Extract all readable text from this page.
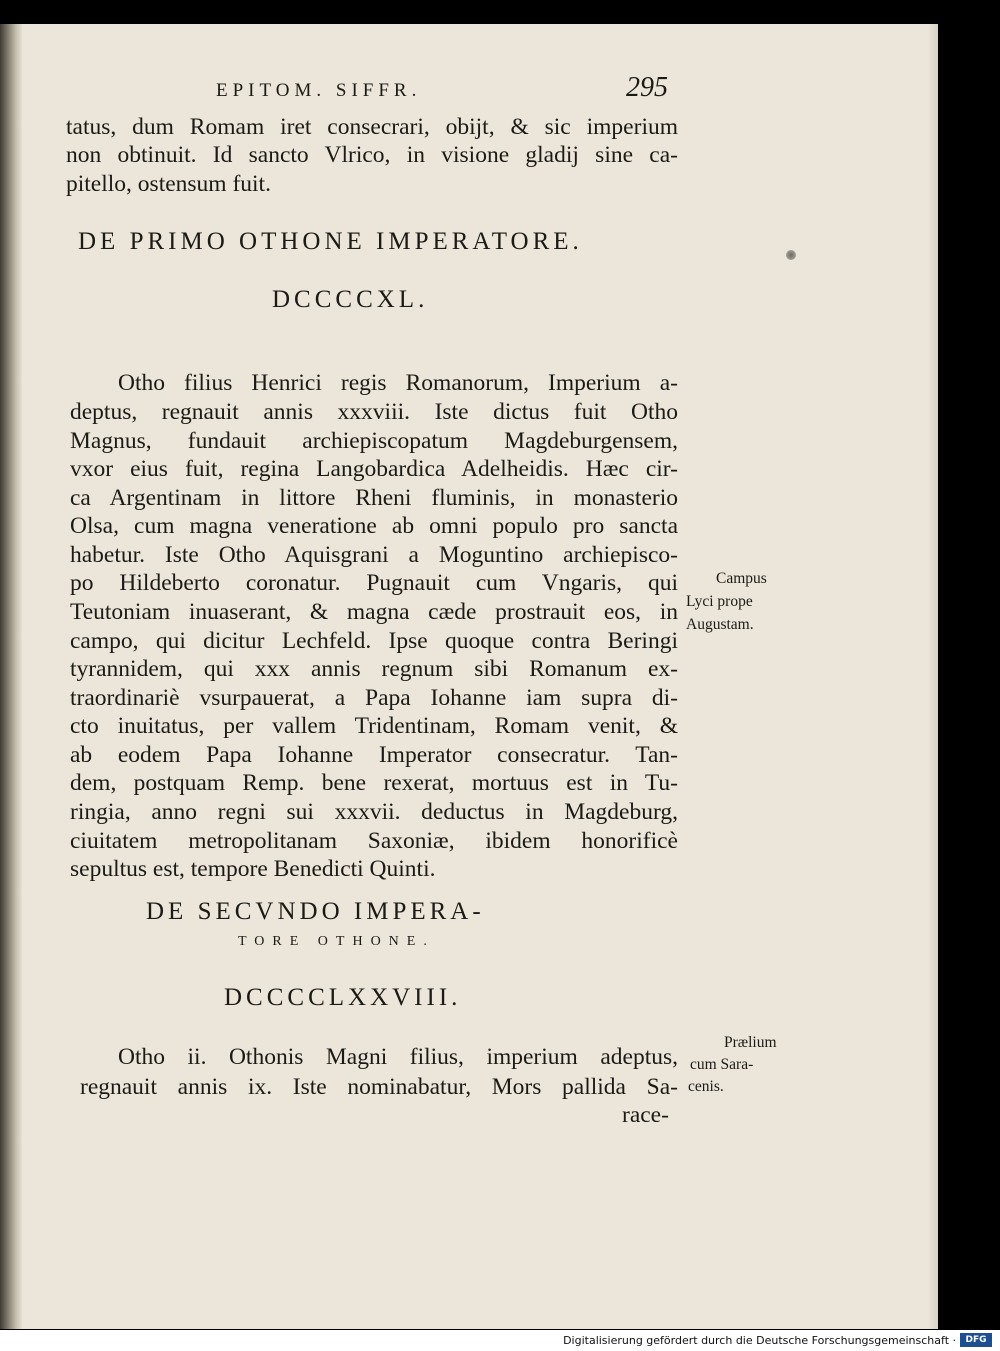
EPITOM. SIFFR.	295
tatus, dum Romam iret consecrari, obijt, & sic imperium
non obtinuit. Id sancto Vlrico, in visione gladij sine ca-
pitello, ostensum fuit.
DE PRIMO OTHONE IMPERATORE.
DCCCCXL.
Otho filius Henrici regis Romanorum, Imperium a-
deptus, regnauit annis xxxviii. Iste dictus fuit Otho
Magnus, fundauit archiepiscopatum Magdeburgensem,
vxor eius fuit, regina Langobardica Adelheidis. Hæc cir-
ca Argentinam in littore Rheni fluminis, in monasterio
Olsa, cum magna veneratione ab omni populo pro sancta
habetur. Iste Otho Aquisgrani a Moguntino archiepisco-
po Hildeberto coronatur. Pugnauit cum Vngaris, qui
Teutoniam inuaserant, & magna cæde prostrauit eos, in
campo, qui dicitur Lechfeld. Ipse quoque contra Beringi
tyrannidem, qui xxx annis regnum sibi Romanum ex-
traordinariè vsurpauerat, a Papa Iohanne iam supra di-
cto inuitatus, per vallem Tridentinam, Romam venit, &
ab eodem Papa Iohanne Imperator consecratur. Tan-
dem, postquam Remp. bene rexerat, mortuus est in Tu-
ringia, anno regni sui xxxvii. deductus in Magdeburg,
ciuitatem metropolitanam Saxoniæ, ibidem honorificè
sepultus est, tempore Benedicti Quinti.
Campus
Lyci prope
Augustam.
DE SECVNDO IMPERA-
TORE OTHONE.
DCCCCLXXVIII.
Otho ii. Othonis Magni filius, imperium adeptus,
regnauit annis ix. Iste nominabatur, Mors pallida Sa-
race-
Prælium
cum Sara-
cenis.
Digitalisierung gefördert durch die Deutsche Forschungsgemeinschaft ·	DFG
